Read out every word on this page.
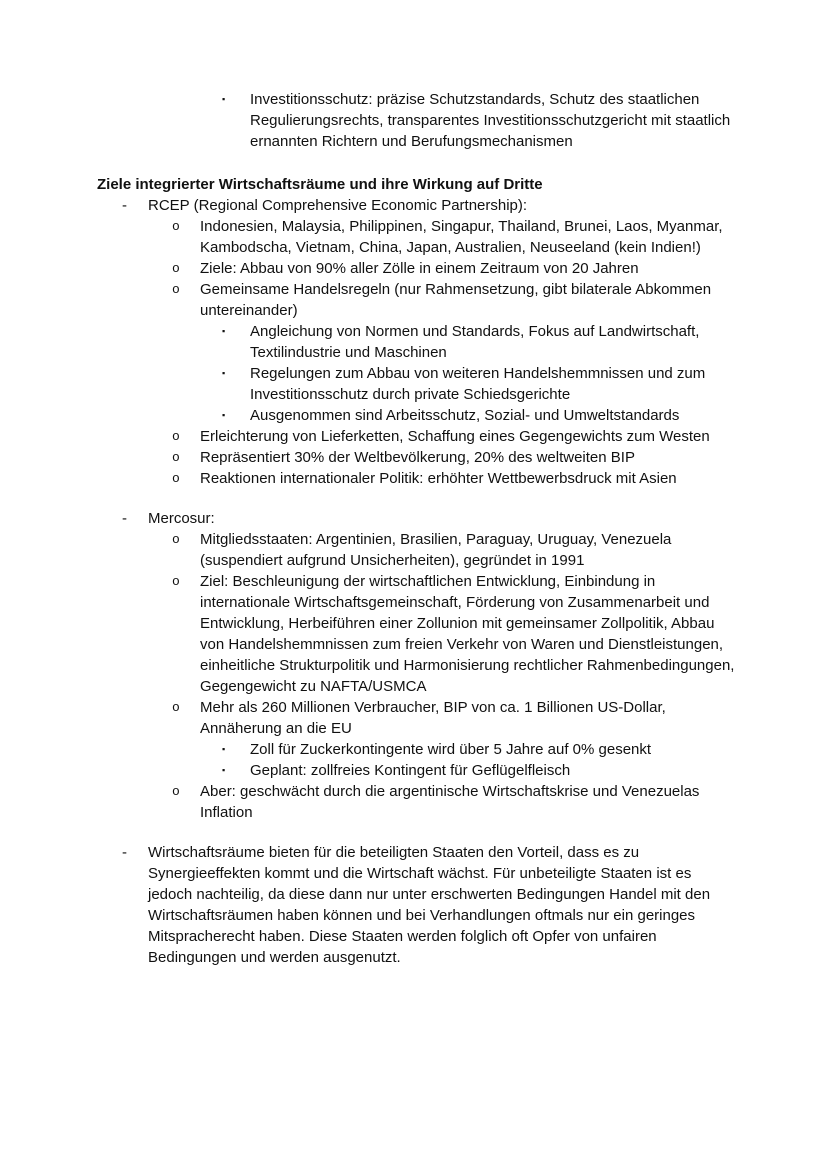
▪	Investitionsschutz: präzise Schutzstandards, Schutz des staatlichen Regulierungsrechts, transparentes Investitionsschutzgericht mit staatlich ernannten Richtern und Berufungsmechanismen
Ziele integrierter Wirtschaftsräume und ihre Wirkung auf Dritte
-	RCEP (Regional Comprehensive Economic Partnership):
o	Indonesien, Malaysia, Philippinen, Singapur, Thailand, Brunei, Laos, Myanmar, Kambodscha, Vietnam, China, Japan, Australien, Neuseeland (kein Indien!)
o	Ziele: Abbau von 90% aller Zölle in einem Zeitraum von 20 Jahren
o	Gemeinsame Handelsregeln (nur Rahmensetzung, gibt bilaterale Abkommen untereinander)
▪	Angleichung von Normen und Standards, Fokus auf Landwirtschaft, Textilindustrie und Maschinen
▪	Regelungen zum Abbau von weiteren Handelshemmnissen und zum Investitionsschutz durch private Schiedsgerichte
▪	Ausgenommen sind Arbeitsschutz, Sozial- und Umweltstandards
o	Erleichterung von Lieferketten, Schaffung eines Gegengewichts zum Westen
o	Repräsentiert 30% der Weltbevölkerung, 20% des weltweiten BIP
o	Reaktionen internationaler Politik: erhöhter Wettbewerbsdruck mit Asien
-	Mercosur:
o	Mitgliedsstaaten: Argentinien, Brasilien, Paraguay, Uruguay, Venezuela (suspendiert aufgrund Unsicherheiten), gegründet in 1991
o	Ziel: Beschleunigung der wirtschaftlichen Entwicklung, Einbindung in internationale Wirtschaftsgemeinschaft, Förderung von Zusammenarbeit und Entwicklung, Herbeiführen einer Zollunion mit gemeinsamer Zollpolitik, Abbau von Handelshemmnissen zum freien Verkehr von Waren und Dienstleistungen, einheitliche Strukturpolitik und Harmonisierung rechtlicher Rahmenbedingungen, Gegengewicht zu NAFTA/USMCA
o	Mehr als 260 Millionen Verbraucher, BIP von ca. 1 Billionen US-Dollar, Annäherung an die EU
▪	Zoll für Zuckerkontingente wird über 5 Jahre auf 0% gesenkt
▪	Geplant: zollfreies Kontingent für Geflügelfleisch
o	Aber: geschwächt durch die argentinische Wirtschaftskrise und Venezuelas Inflation
-	Wirtschaftsräume bieten für die beteiligten Staaten den Vorteil, dass es zu Synergieeffekten kommt und die Wirtschaft wächst. Für unbeteiligte Staaten ist es jedoch nachteilig, da diese dann nur unter erschwerten Bedingungen Handel mit den Wirtschaftsräumen haben können und bei Verhandlungen oftmals nur ein geringes Mitspracherecht haben. Diese Staaten werden folglich oft Opfer von unfairen Bedingungen und werden ausgenutzt.
